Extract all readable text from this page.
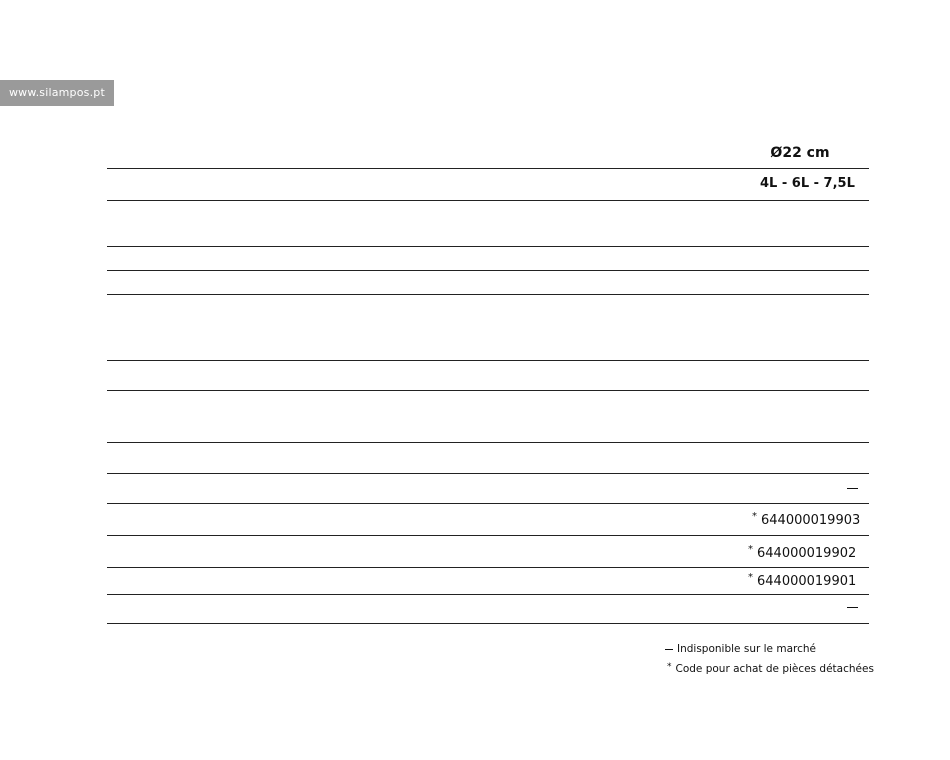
www.silampos.pt
Ø22 cm
4L - 6L - 7,5L
* 644000019903
* 644000019902
* 644000019901
Indisponible sur le marché
* Code pour achat de pièces détachées
